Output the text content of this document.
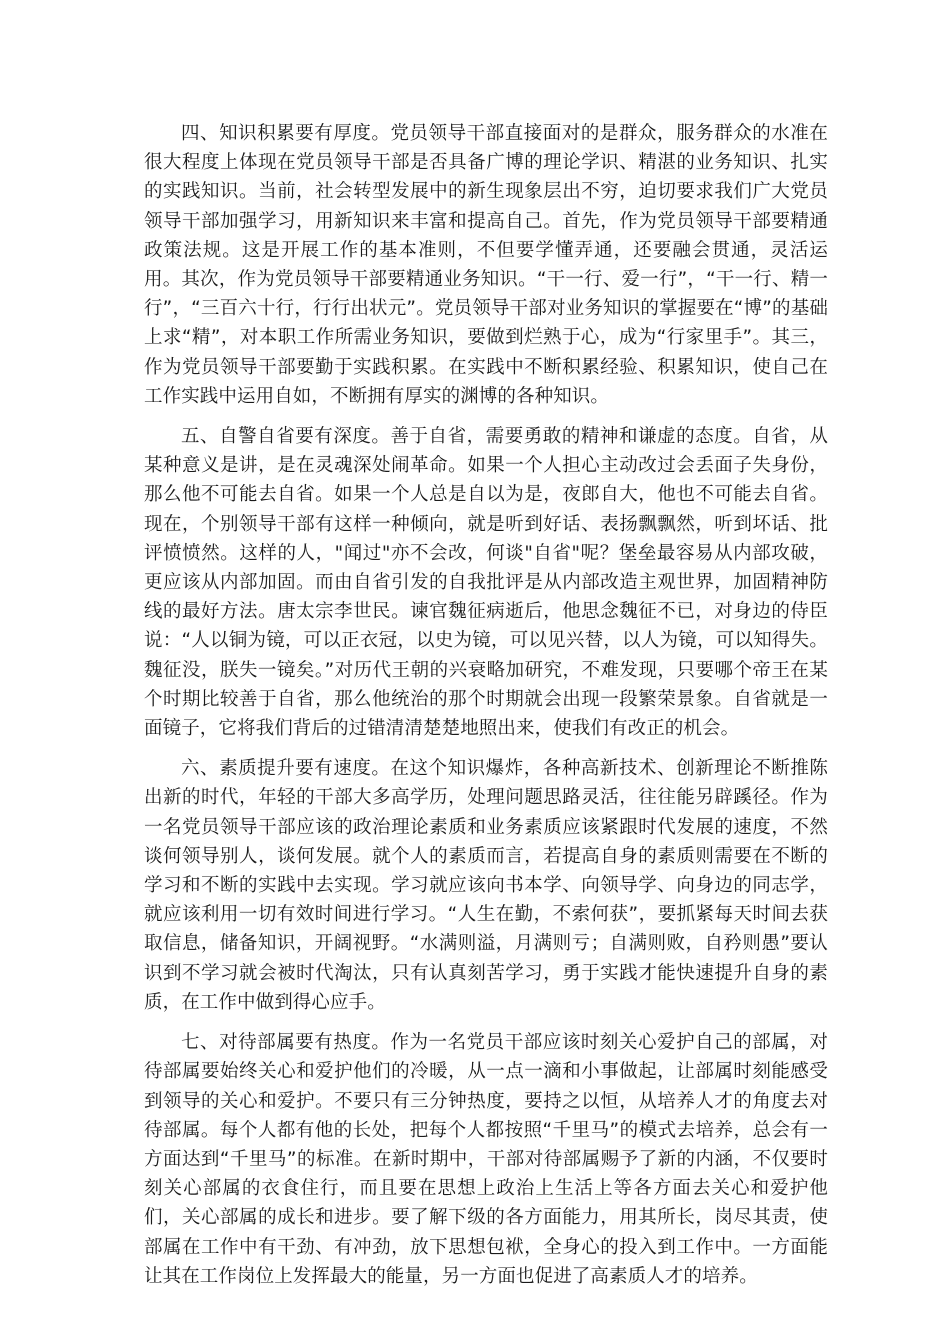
四、知识积累要有厚度。党员领导干部直接面对的是群众，服务群众的水准在很大程度上体现在党员领导干部是否具备广博的理论学识、精湛的业务知识、扎实的实践知识。当前，社会转型发展中的新生现象层出不穷，迫切要求我们广大党员领导干部加强学习，用新知识来丰富和提高自己。首先，作为党员领导干部要精通政策法规。这是开展工作的基本准则，不但要学懂弄通，还要融会贯通，灵活运用。其次，作为党员领导干部要精通业务知识。“干一行、爱一行”，“干一行、精一行”，“三百六十行，行行出状元”。党员领导干部对业务知识的掌握要在“博”的基础上求“精”，对本职工作所需业务知识，要做到烂熟于心，成为“行家里手”。其三，作为党员领导干部要勤于实践积累。在实践中不断积累经验、积累知识，使自己在工作实践中运用自如，不断拥有厚实的渊博的各种知识。

五、自警自省要有深度。善于自省，需要勇敢的精神和谦虚的态度。自省，从某种意义是讲，是在灵魂深处闹革命。如果一个人担心主动改过会丢面子失身份，那么他不可能去自省。如果一个人总是自以为是，夜郎自大，他也不可能去自省。现在，个别领导干部有这样一种倾向，就是听到好话、表扬飘飘然，听到坏话、批评愤愤然。这样的人，"闻过"亦不会改，何谈"自省"呢？堡垒最容易从内部攻破，更应该从内部加固。而由自省引发的自我批评是从内部改造主观世界，加固精神防线的最好方法。唐太宗李世民。谏官魏征病逝后，他思念魏征不已，对身边的侍臣说：“人以铜为镜，可以正衣冠，以史为镜，可以见兴替，以人为镜，可以知得失。魏征没，朕失一镜矣。”对历代王朝的兴衰略加研究，不难发现，只要哪个帝王在某个时期比较善于自省，那么他统治的那个时期就会出现一段繁荣景象。自省就是一面镜子，它将我们背后的过错清清楚楚地照出来，使我们有改正的机会。

六、素质提升要有速度。在这个知识爆炸，各种高新技术、创新理论不断推陈出新的时代，年轻的干部大多高学历，处理问题思路灵活，往往能另辟蹊径。作为一名党员领导干部应该的政治理论素质和业务素质应该紧跟时代发展的速度，不然谈何领导别人，谈何发展。就个人的素质而言，若提高自身的素质则需要在不断的学习和不断的实践中去实现。学习就应该向书本学、向领导学、向身边的同志学，就应该利用一切有效时间进行学习。“人生在勤，不索何获”，要抓紧每天时间去获取信息，储备知识，开阔视野。“水满则溢，月满则亏；自满则败，自矜则愚”要认识到不学习就会被时代淘汰，只有认真刻苦学习，勇于实践才能快速提升自身的素质，在工作中做到得心应手。

七、对待部属要有热度。作为一名党员干部应该时刻关心爱护自己的部属，对待部属要始终关心和爱护他们的冷暖，从一点一滴和小事做起，让部属时刻能感受到领导的关心和爱护。不要只有三分钟热度，要持之以恒，从培养人才的角度去对待部属。每个人都有他的长处，把每个人都按照“千里马”的模式去培养，总会有一方面达到“千里马”的标准。在新时期中，干部对待部属赐予了新的内涵，不仅要时刻关心部属的衣食住行，而且要在思想上政治上生活上等各方面去关心和爱护他们，关心部属的成长和进步。要了解下级的各方面能力，用其所长，岗尽其责，使部属在工作中有干劲、有冲劲，放下思想包袱，全身心的投入到工作中。一方面能让其在工作岗位上发挥最大的能量，另一方面也促进了高素质人才的培养。
